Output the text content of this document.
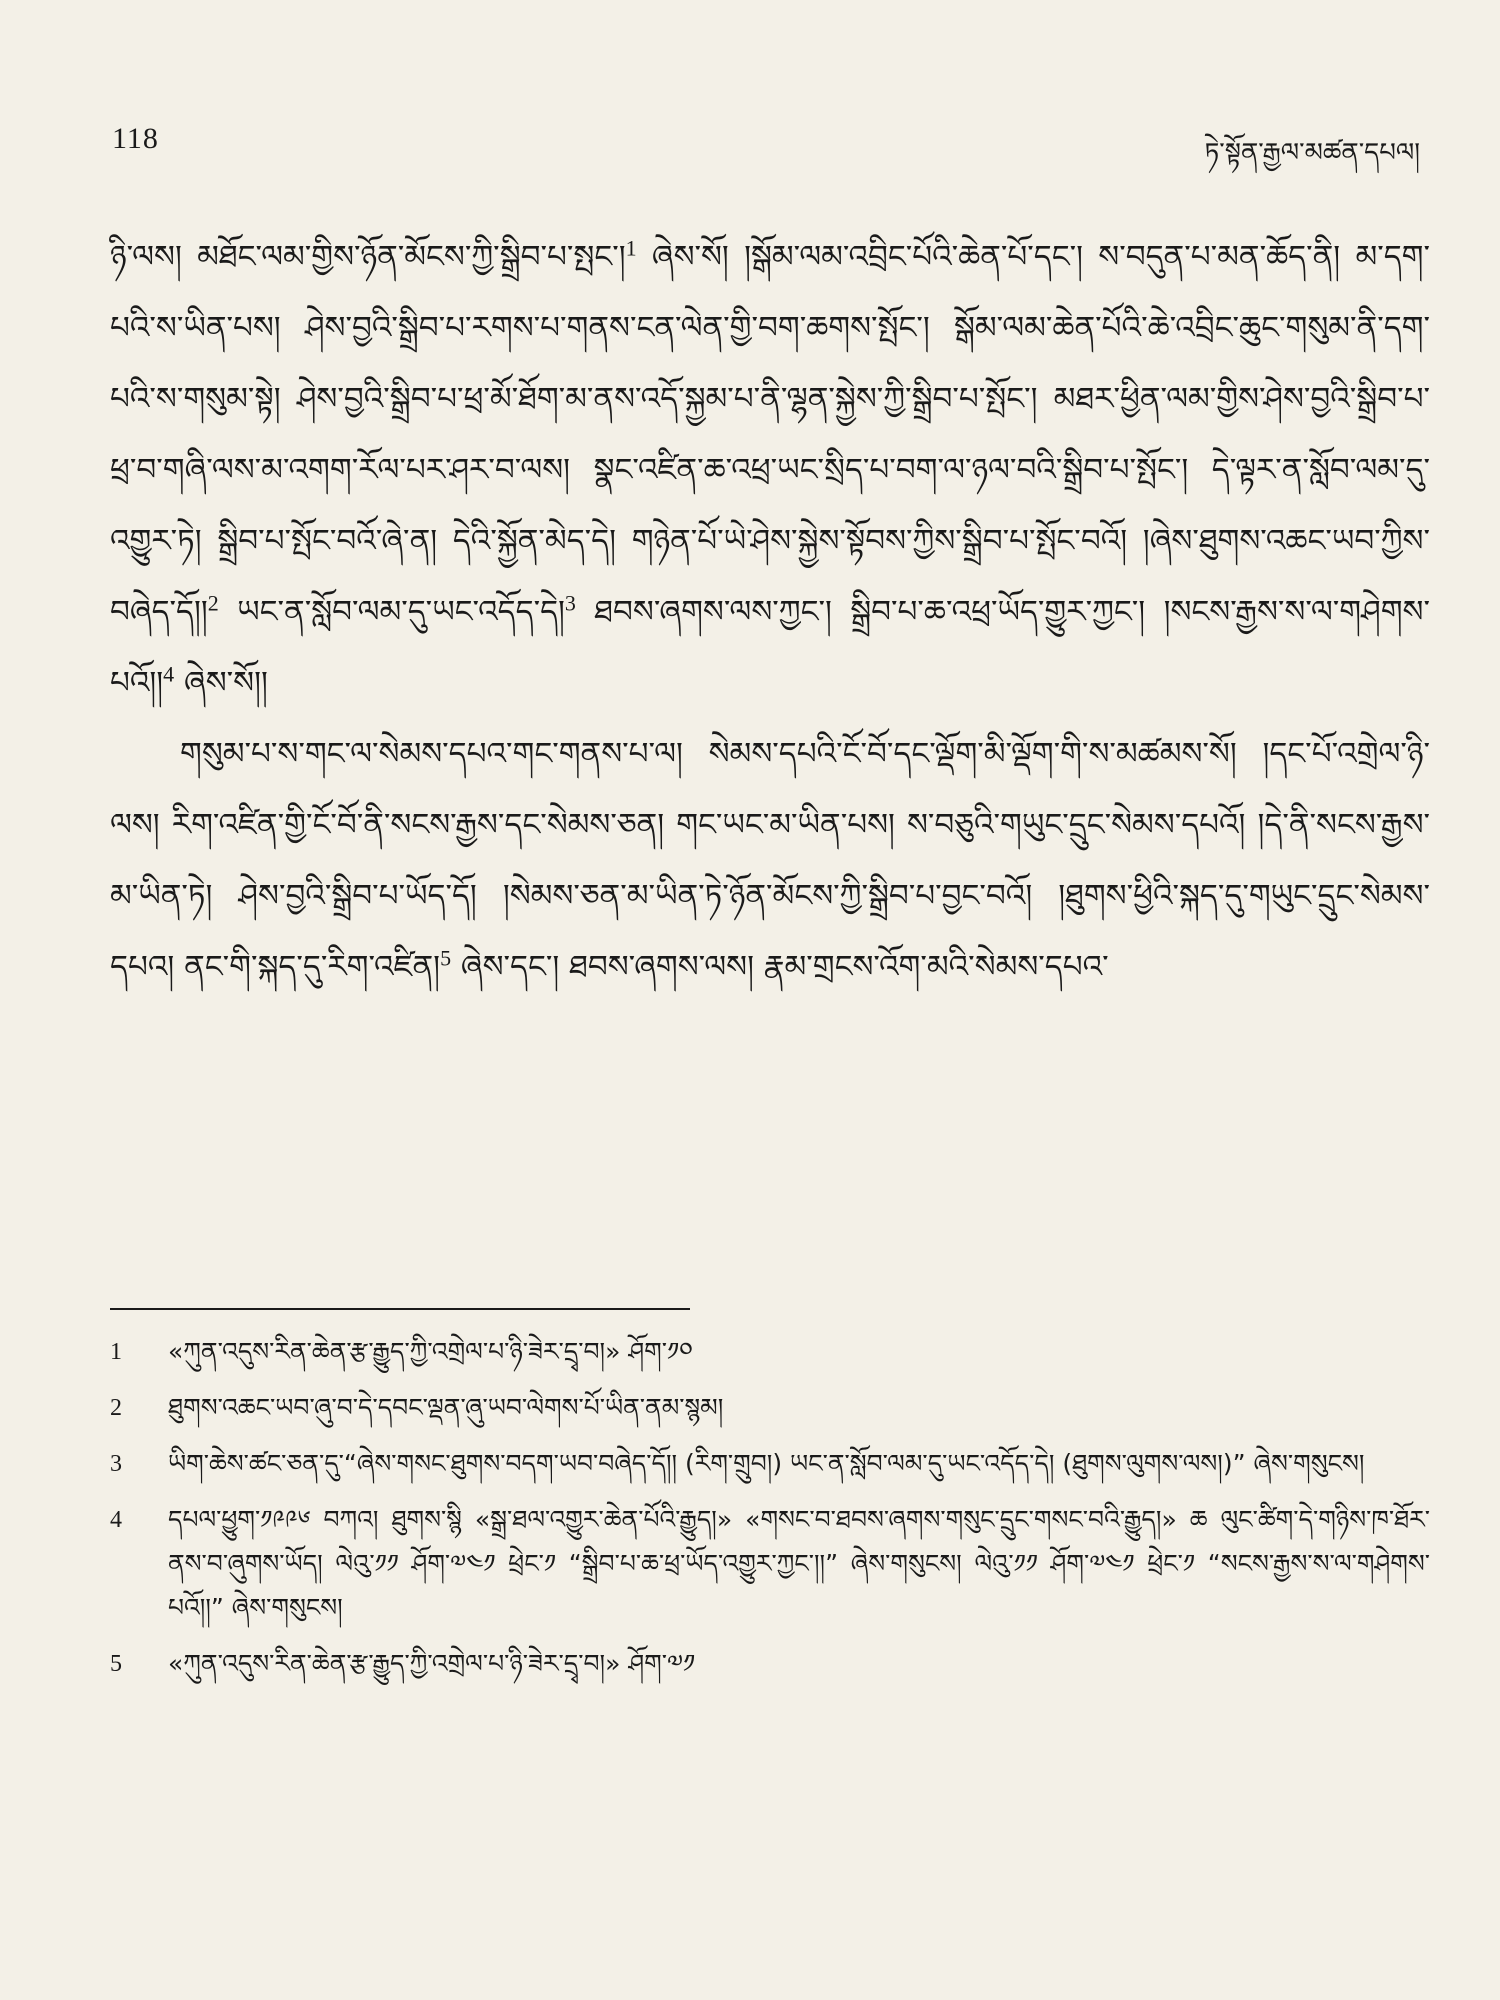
118	ཏེ་སྟོན་རྒྱལ་མཚན་དཔལ།

ཉི་ལས། མཐོང་ལམ་གྱིས་ཉོན་མོངས་ཀྱི་སྒྲིབ་པ་སྤང་།$^1$ ཞེས་སོ། །སྒོམ་ལམ་འབྲིང་པོའི་ཆེན་པོ་དང་། ས་བདུན་པ་མན་ཆོད་ནི། མ་དག་པའི་ས་ཡིན་པས། ཤེས་བྱའི་སྒྲིབ་པ་རགས་པ་གནས་ངན་ལེན་གྱི་བག་ཆགས་སྤོང་། སྒོམ་ལམ་ཆེན་པོའི་ཆེ་འབྲིང་ཆུང་གསུམ་ནི་དག་པའི་ས་གསུམ་སྟེ། ཤེས་བྱའི་སྒྲིབ་པ་ཕྲ་མོ་ཐོག་མ་ནས་འདོ་སྐྱམ་པ་ནི་ལྷན་སྐྱེས་ཀྱི་སྒྲིབ་པ་སྤོང་། མཐར་ཕྱིན་ལམ་གྱིས་ཤེས་བྱའི་སྒྲིབ་པ་ཕྲ་བ་གཞི་ལས་མ་འགག་རོལ་པར་ཤར་བ་ལས། སྣང་འཛིན་ཆ་འཕྲ་ཡང་སྲིད་པ་བག་ལ་ཉལ་བའི་སྒྲིབ་པ་སྤོང་། དེ་ལྟར་ན་སློབ་ལམ་དུ་འགྱུར་ཏེ། སྒྲིབ་པ་སྤོང་བའོ་ཞེ་ན། དེའི་སྐྱོན་མེད་དེ། གཉེན་པོ་ཡེ་ཤེས་སྐྱེས་སྟོབས་ཀྱིས་སྒྲིབ་པ་སྤོང་བའོ། །ཞེས་ཐུགས་འཆང་ཡབ་ཀྱིས་བཞེད་དོ།།$^2$ ཡང་ན་སློབ་ལམ་དུ་ཡང་འདོད་དེ།$^3$ ཐབས་ཞགས་ལས་ཀྱང་། སྒྲིབ་པ་ཆ་འཕྲ་ཡོད་གྱུར་ཀྱང་། །སངས་རྒྱས་ས་ལ་གཤེགས་པའོ།།$^4$ ཞེས་སོ།།

གསུམ་པ་ས་གང་ལ་སེམས་དཔའ་གང་གནས་པ་ལ། སེམས་དཔའི་ངོ་བོ་དང་ལྡོག་མི་ལྡོག་གི་ས་མཚམས་སོ། །དང་པོ་འགྲེལ་ཉི་ལས། རིག་འཛིན་གྱི་ངོ་བོ་ནི་སངས་རྒྱས་དང་སེམས་ཅན། གང་ཡང་མ་ཡིན་པས། ས་བཅུའི་གཡུང་དྲུང་སེམས་དཔའོ། །དེ་ནི་སངས་རྒྱས་མ་ཡིན་ཏེ། ཤེས་བྱའི་སྒྲིབ་པ་ཡོད་དོ། །སེམས་ཅན་མ་ཡིན་ཏེ་ཉོན་མོངས་ཀྱི་སྒྲིབ་པ་བྱང་བའོ། །ཐུགས་ཕྱིའི་སྐད་དུ་གཡུང་དྲུང་སེམས་དཔའ། ནང་གི་སྐད་དུ་རིག་འཛིན།$^5$ ཞེས་དང་། ཐབས་ཞགས་ལས། རྣམ་གྲངས་འོག་མའི་སེམས་དཔའ་

1	«ཀུན་འདུས་རིན་ཆེན་རྩ་རྒྱུད་ཀྱི་འགྲེལ་པ་ཉི་ཟེར་དྲྭ་བ།» ཤོག་༡༠
2	ཐུགས་འཆང་ཡབ་ཞུ་བ་དེ་དབང་ལྡན་ཞུ་ཡབ་ལེགས་པོ་ཡིན་ནམ་སྙམ།
3	ཡིག་ཆེས་ཚང་ཅན་དུ་“ཞེས་གསང་ཐུགས་བདག་ཡབ་བཞེད་དོ།། (རིག་གྲུབ།) ཡང་ན་སློབ་ལམ་དུ་ཡང་འདོད་དེ། (ཐུགས་ལུགས་ལས།)” ཞེས་གསུངས།
4	དཔལ་ཕྱུག་༡༩༩༦ བཀའ། ཐུགས་སྙི «སྒྲ་ཐལ་འགྱུར་ཆེན་པོའི་རྒྱུད།» «གསང་བ་ཐབས་ཞགས་གསུང་དྲུང་གསང་བའི་རྒྱུད།» ཆ ལུང་ཚིག་དེ་གཉིས་ཁ་ཐོར་ནས་བ་ཞུགས་ཡོད། ལེའུ་༡༡ ཤོག་༧༤༡ ཕྲེང་༡ “སྒྲིབ་པ་ཆ་ཕྲ་ཡོད་འགྱུར་ཀྱང་།།” ཞེས་གསུངས། ལེའུ་༡༡ ཤོག་༧༤༡ ཕྲེང་༡ “སངས་རྒྱས་ས་ལ་གཤེགས་པའོ།།” ཞེས་གསུངས།
5	«ཀུན་འདུས་རིན་ཆེན་རྩ་རྒྱུད་ཀྱི་འགྲེལ་པ་ཉི་ཟེར་དྲྭ་བ།» ཤོག་༧༡
